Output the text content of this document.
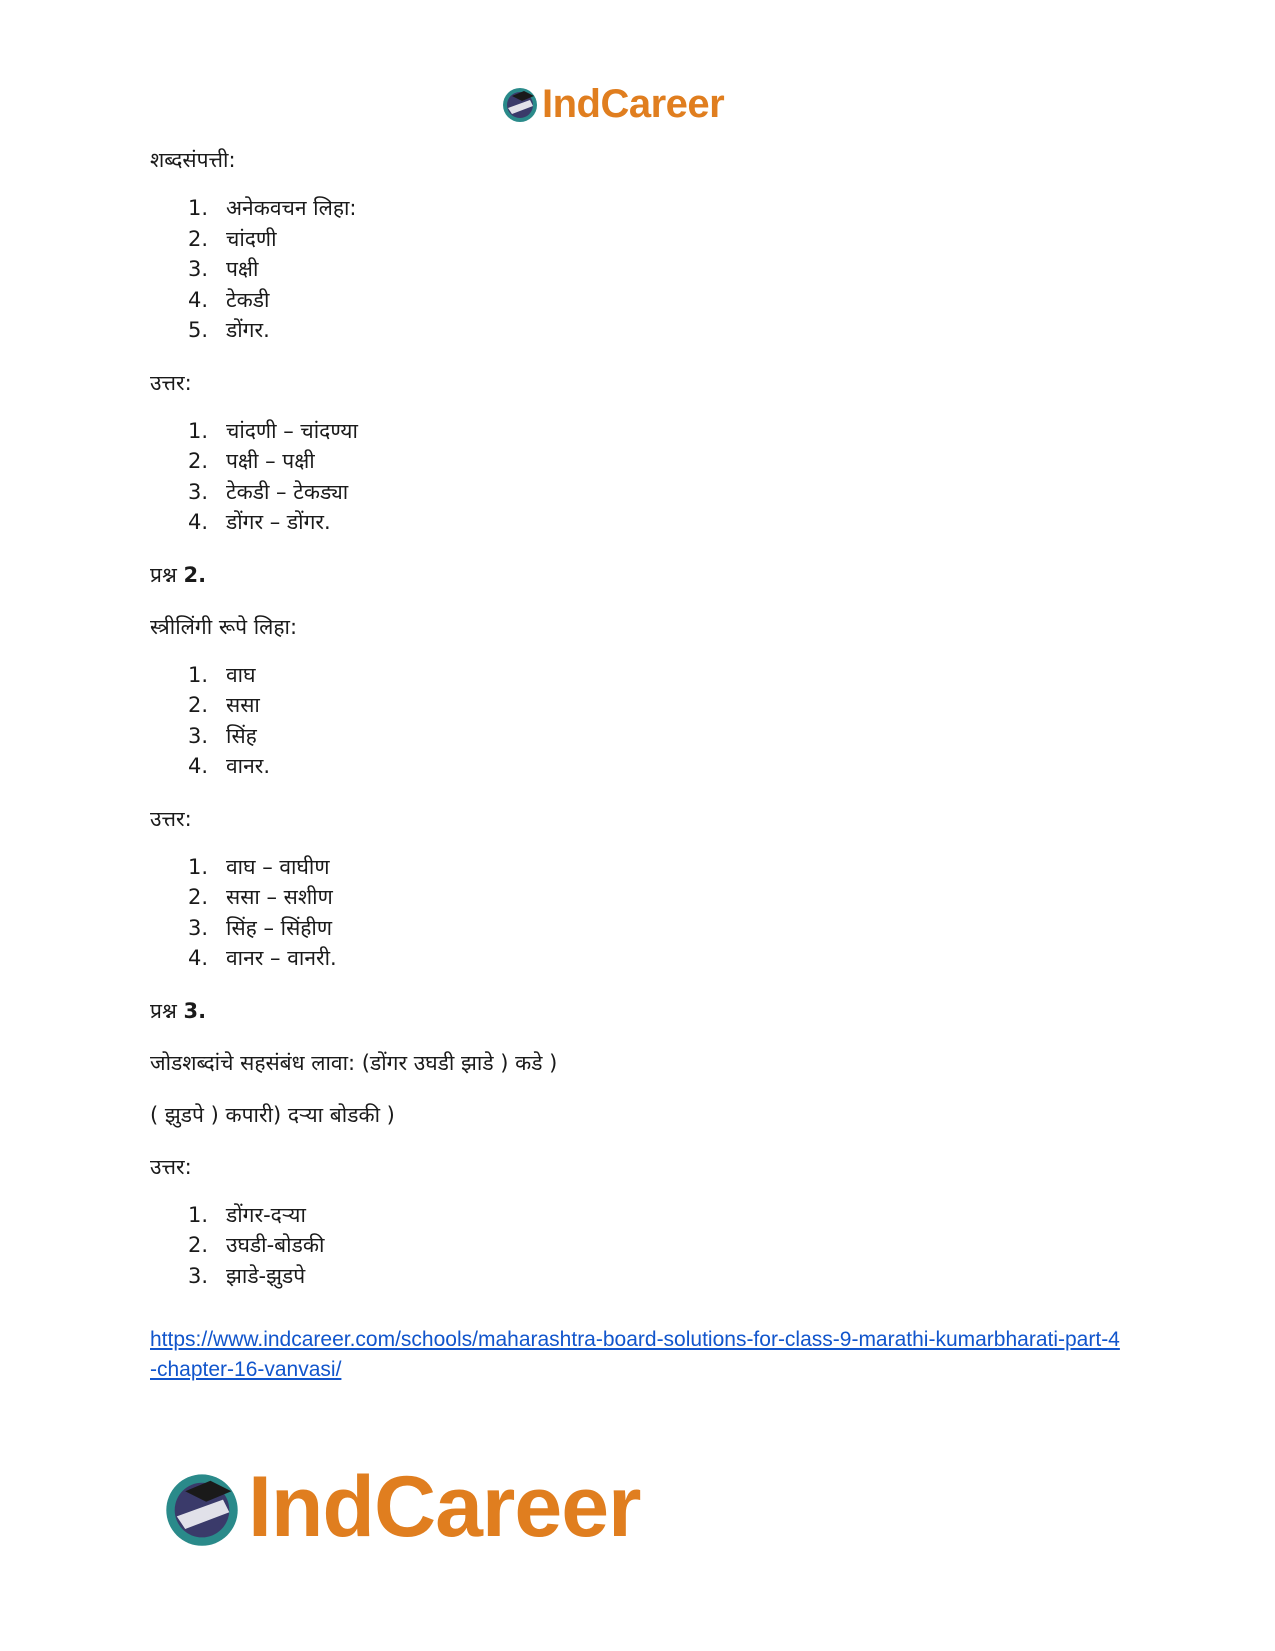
IndCareer

शब्दसंपत्ती:

1. अनेकवचन लिहा:
2. चांदणी
3. पक्षी
4. टेकडी
5. डोंगर.

उत्तर:

1. चांदणी – चांदण्या
2. पक्षी – पक्षी
3. टेकडी – टेकड्या
4. डोंगर – डोंगर.

प्रश्न 2.

स्त्रीलिंगी रूपे लिहा:

1. वाघ
2. ससा
3. सिंह
4. वानर.

उत्तर:

1. वाघ – वाघीण
2. ससा – सशीण
3. सिंह – सिंहीण
4. वानर – वानरी.

प्रश्न 3.

जोडशब्दांचे सहसंबंध लावा: (डोंगर उघडी झाडे ) कडे )

( झुडपे ) कपारी) दऱ्या बोडकी )

उत्तर:

1. डोंगर-दऱ्या
2. उघडी-बोडकी
3. झाडे-झुडपे
https://www.indcareer.com/schools/maharashtra-board-solutions-for-class-9-marathi-kumarbharati-part-4-chapter-16-vanvasi/
IndCareer
